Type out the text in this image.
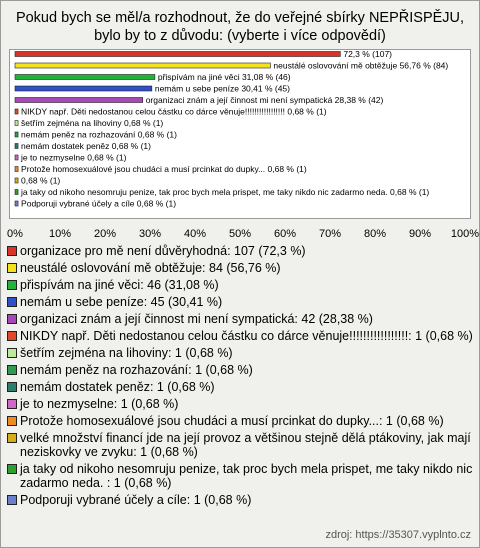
Pokud bych se měl/a rozhodnout, že do veřejné sbírky NEPŘISPĚJU,
bylo by to z důvodu: (vyberte i více odpovědí)
72,3 % (107)
neustálé oslovování mě obtěžuje 56,76 % (84)
přispívám na jiné věci 31,08 % (46)
nemám u sebe peníze 30,41 % (45)
organizaci znám a její činnost mi není sympatická 28,38 % (42)
NIKDY např. Děti nedostanou celou částku co dárce věnuje!!!!!!!!!!!!!!!!! 0,68 % (1)
šetřím zejména na lihoviny 0,68 % (1)
nemám peněz na rozhazování 0,68 % (1)
nemám dostatek peněz 0,68 % (1)
je to nezmyselne 0,68 % (1)
Protože homosexuálové jsou chudáci a musí prcinkat do dupky... 0,68 % (1)
0,68 % (1)
ja taky od nikoho nesomruju penize, tak proc bych mela prispet, me taky nikdo nic zadarmo neda. 0,68 % (1)
Podporuji vybrané účely a cíle 0,68 % (1)
0% 10% 20% 30% 40% 50% 60% 70% 80% 90% 100%
organizace pro mě není důvěryhodná: 107 (72,3 %)
neustálé oslovování mě obtěžuje: 84 (56,76 %)
přispívám na jiné věci: 46 (31,08 %)
nemám u sebe peníze: 45 (30,41 %)
organizaci znám a její činnost mi není sympatická: 42 (28,38 %)
NIKDY např. Děti nedostanou celou částku co dárce věnuje!!!!!!!!!!!!!!!!!: 1 (0,68 %)
šetřím zejména na lihoviny: 1 (0,68 %)
nemám peněz na rozhazování: 1 (0,68 %)
nemám dostatek peněz: 1 (0,68 %)
je to nezmyselne: 1 (0,68 %)
Protože homosexuálové jsou chudáci a musí prcinkat do dupky...: 1 (0,68 %)
velké množství financí jde na její provoz a většinou stejně dělá ptákoviny, jak mají neziskovky ve zvyku: 1 (0,68 %)
ja taky od nikoho nesomruju penize, tak proc bych mela prispet, me taky nikdo nic zadarmo neda. : 1 (0,68 %)
Podporuji vybrané účely a cíle: 1 (0,68 %)
zdroj: https://35307.vyplnto.cz
